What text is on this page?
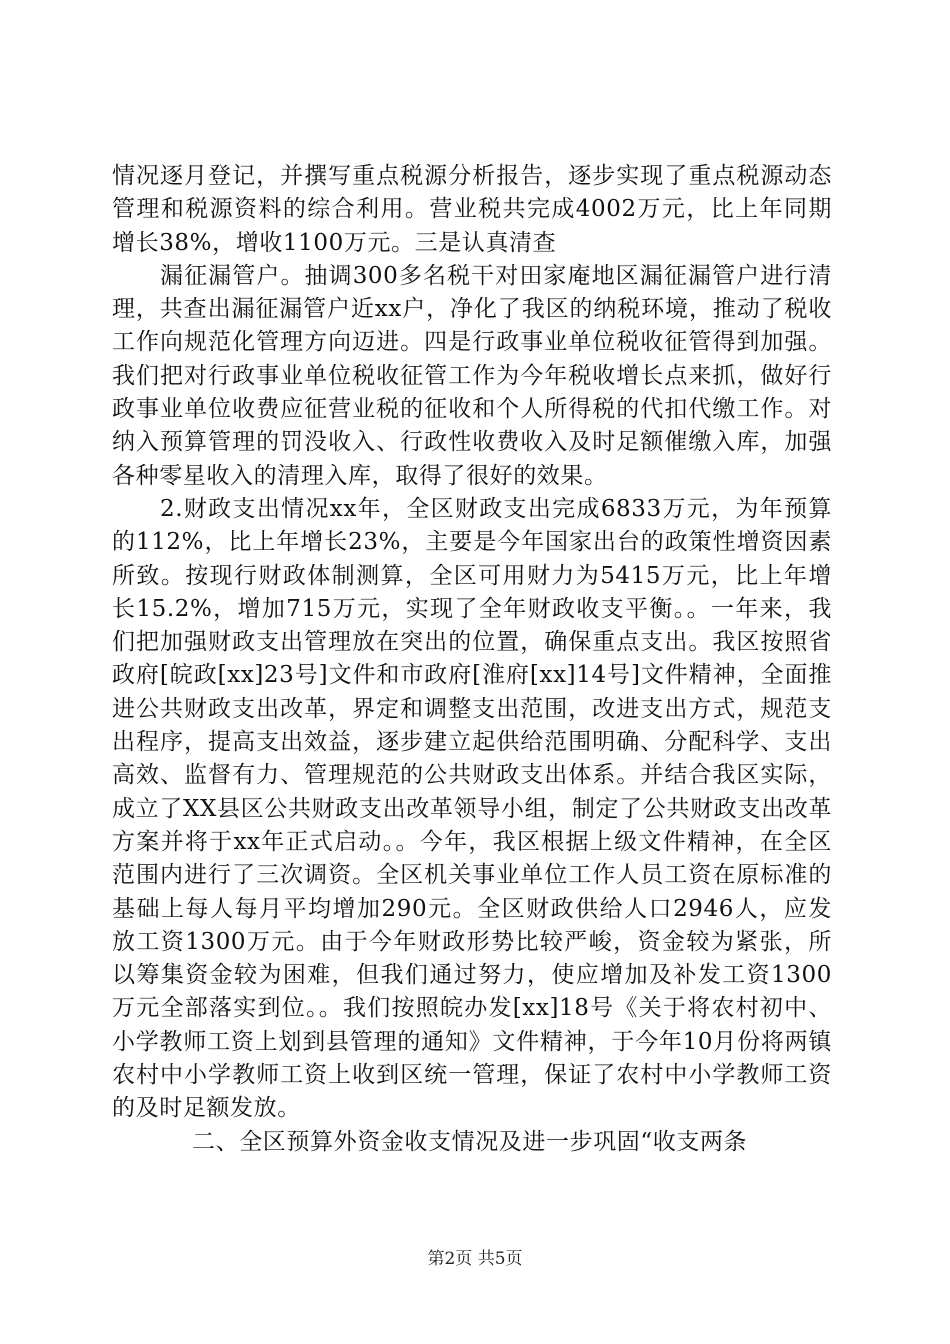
情况逐月登记，并撰写重点税源分析报告，逐步实现了重点税源动态管理和税源资料的综合利用。营业税共完成4002万元，比上年同期增长38%，增收1100万元。三是认真清查

漏征漏管户。抽调300多名税干对田家庵地区漏征漏管户进行清理，共查出漏征漏管户近xx户，净化了我区的纳税环境，推动了税收工作向规范化管理方向迈进。四是行政事业单位税收征管得到加强。我们把对行政事业单位税收征管工作为今年税收增长点来抓，做好行政事业单位收费应征营业税的征收和个人所得税的代扣代缴工作。对纳入预算管理的罚没收入、行政性收费收入及时足额催缴入库，加强各种零星收入的清理入库，取得了很好的效果。

2.财政支出情况xx年，全区财政支出完成6833万元，为年预算的112%，比上年增长23%，主要是今年国家出台的政策性增资因素所致。按现行财政体制测算，全区可用财力为5415万元，比上年增长15.2%，增加715万元，实现了全年财政收支平衡。。一年来，我们把加强财政支出管理放在突出的位置，确保重点支出。我区按照省政府[皖政[xx]23号]文件和市政府[淮府[xx]14号]文件精神，全面推进公共财政支出改革，界定和调整支出范围，改进支出方式，规范支出程序，提高支出效益，逐步建立起供给范围明确、分配科学、支出高效、监督有力、管理规范的公共财政支出体系。并结合我区实际，成立了XX县区公共财政支出改革领导小组，制定了公共财政支出改革方案并将于xx年正式启动。。今年，我区根据上级文件精神，在全区范围内进行了三次调资。全区机关事业单位工作人员工资在原标准的基础上每人每月平均增加290元。全区财政供给人口2946人，应发放工资1300万元。由于今年财政形势比较严峻，资金较为紧张，所以筹集资金较为困难，但我们通过努力，使应增加及补发工资1300万元全部落实到位。。我们按照皖办发[xx]18号《关于将农村初中、小学教师工资上划到县管理的通知》文件精神，于今年10月份将两镇农村中小学教师工资上收到区统一管理，保证了农村中小学教师工资的及时足额发放。

二、全区预算外资金收支情况及进一步巩固“收支两条

第2页 共5页
